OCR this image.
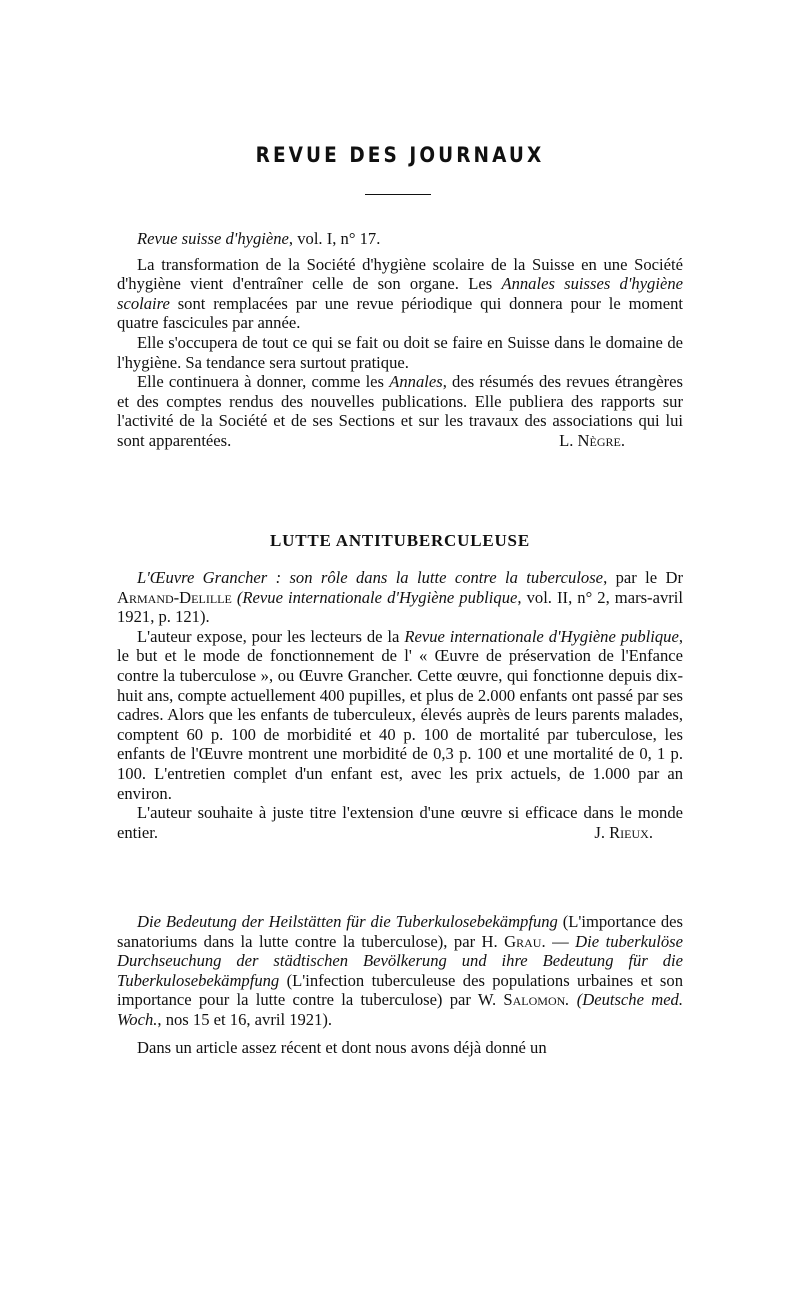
REVUE DES JOURNAUX

Revue suisse d'hygiène, vol. I, n° 17.

La transformation de la Société d'hygiène scolaire de la Suisse en une Société d'hygiène vient d'entraîner celle de son organe. Les Annales suisses d'hygiène scolaire sont remplacées par une revue périodique qui donnera pour le moment quatre fascicules par année.

Elle s'occupera de tout ce qui se fait ou doit se faire en Suisse dans le domaine de l'hygiène. Sa tendance sera surtout pratique.

Elle continuera à donner, comme les Annales, des résumés des revues étrangères et des comptes rendus des nouvelles publications. Elle publiera des rapports sur l'activité de la Société et de ses Sections et sur les travaux des associations qui lui sont apparentées.	L. Nègre.

LUTTE ANTITUBERCULEUSE

L'Œuvre Grancher : son rôle dans la lutte contre la tuberculose, par le Dr Armand-Delille (Revue internationale d'Hygiène publique, vol. II, n° 2, mars-avril 1921, p. 121).

L'auteur expose, pour les lecteurs de la Revue internationale d'Hygiène publique, le but et le mode de fonctionnement de l' « Œuvre de préservation de l'Enfance contre la tuberculose », ou Œuvre Grancher. Cette œuvre, qui fonctionne depuis dix-huit ans, compte actuellement 400 pupilles, et plus de 2.000 enfants ont passé par ses cadres. Alors que les enfants de tuberculeux, élevés auprès de leurs parents malades, comptent 60 p. 100 de morbidité et 40 p. 100 de mortalité par tuberculose, les enfants de l'Œuvre montrent une morbidité de 0,3 p. 100 et une mortalité de 0, 1 p. 100. L'entretien complet d'un enfant est, avec les prix actuels, de 1.000 par an environ.

L'auteur souhaite à juste titre l'extension d'une œuvre si efficace dans le monde entier.	J. Rieux.

Die Bedeutung der Heilstätten für die Tuberkulosebekämpfung (L'importance des sanatoriums dans la lutte contre la tuberculose), par H. Grau. — Die tuberkulöse Durchseuchung der städtischen Bevölkerung und ihre Bedeutung für die Tuberkulosebekämpfung (L'infection tuberculeuse des populations urbaines et son importance pour la lutte contre la tuberculose) par W. Salomon. (Deutsche med. Woch., nos 15 et 16, avril 1921).

Dans un article assez récent et dont nous avons déjà donné un
